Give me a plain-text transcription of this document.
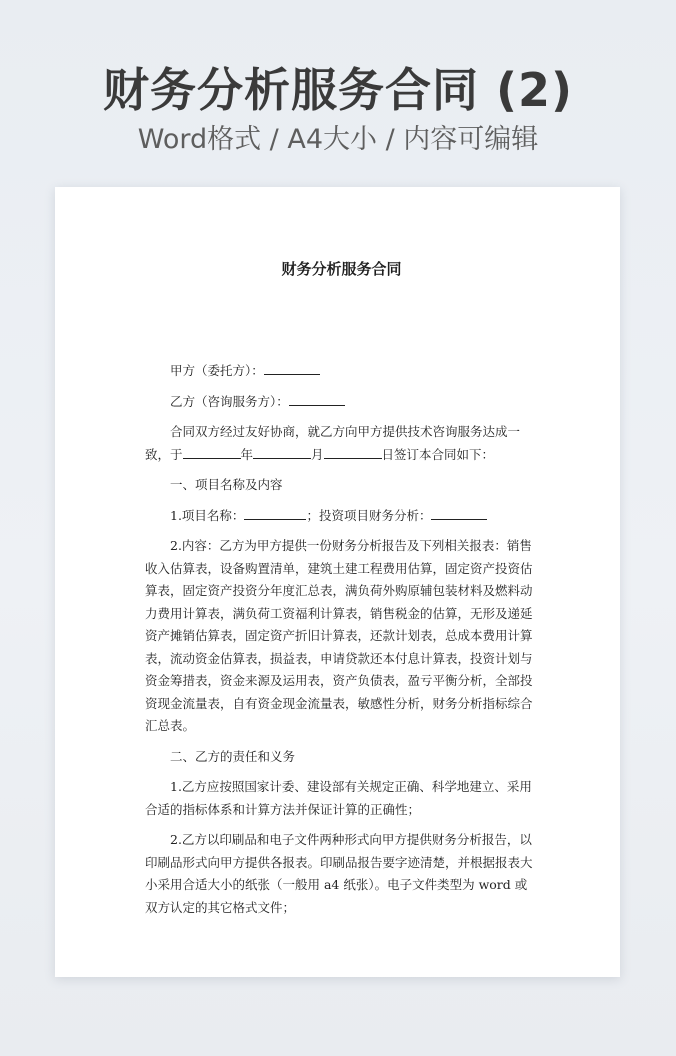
财务分析服务合同 (2)
Word格式 / A4大小 / 内容可编辑
财务分析服务合同

甲方（委托方）：

乙方（咨询服务方）：

合同双方经过友好协商，就乙方向甲方提供技术咨询服务达成一

致，于	年	月	日签订本合同如下：

一、项目名称及内容

1.项目名称：	；投资项目财务分析：

2.内容：乙方为甲方提供一份财务分析报告及下列相关报表：销售收入估算表，设备购置清单，建筑土建工程费用估算，固定资产投资估算表，固定资产投资分年度汇总表，满负荷外购原辅包装材料及燃料动力费用计算表，满负荷工资福利计算表，销售税金的估算，无形及递延资产摊销估算表，固定资产折旧计算表，还款计划表，总成本费用计算表，流动资金估算表，损益表，申请贷款还本付息计算表，投资计划与资金筹措表，资金来源及运用表，资产负债表，盈亏平衡分析，全部投资现金流量表，自有资金现金流量表，敏感性分析，财务分析指标综合汇总表。

二、乙方的责任和义务

1.乙方应按照国家计委、建设部有关规定正确、科学地建立、采用合适的指标体系和计算方法并保证计算的正确性；

2.乙方以印刷品和电子文件两种形式向甲方提供财务分析报告，以印刷品形式向甲方提供各报表。印刷品报告要字迹清楚，并根据报表大小采用合适大小的纸张（一般用 a4 纸张）。电子文件类型为 word 或双方认定的其它格式文件；
